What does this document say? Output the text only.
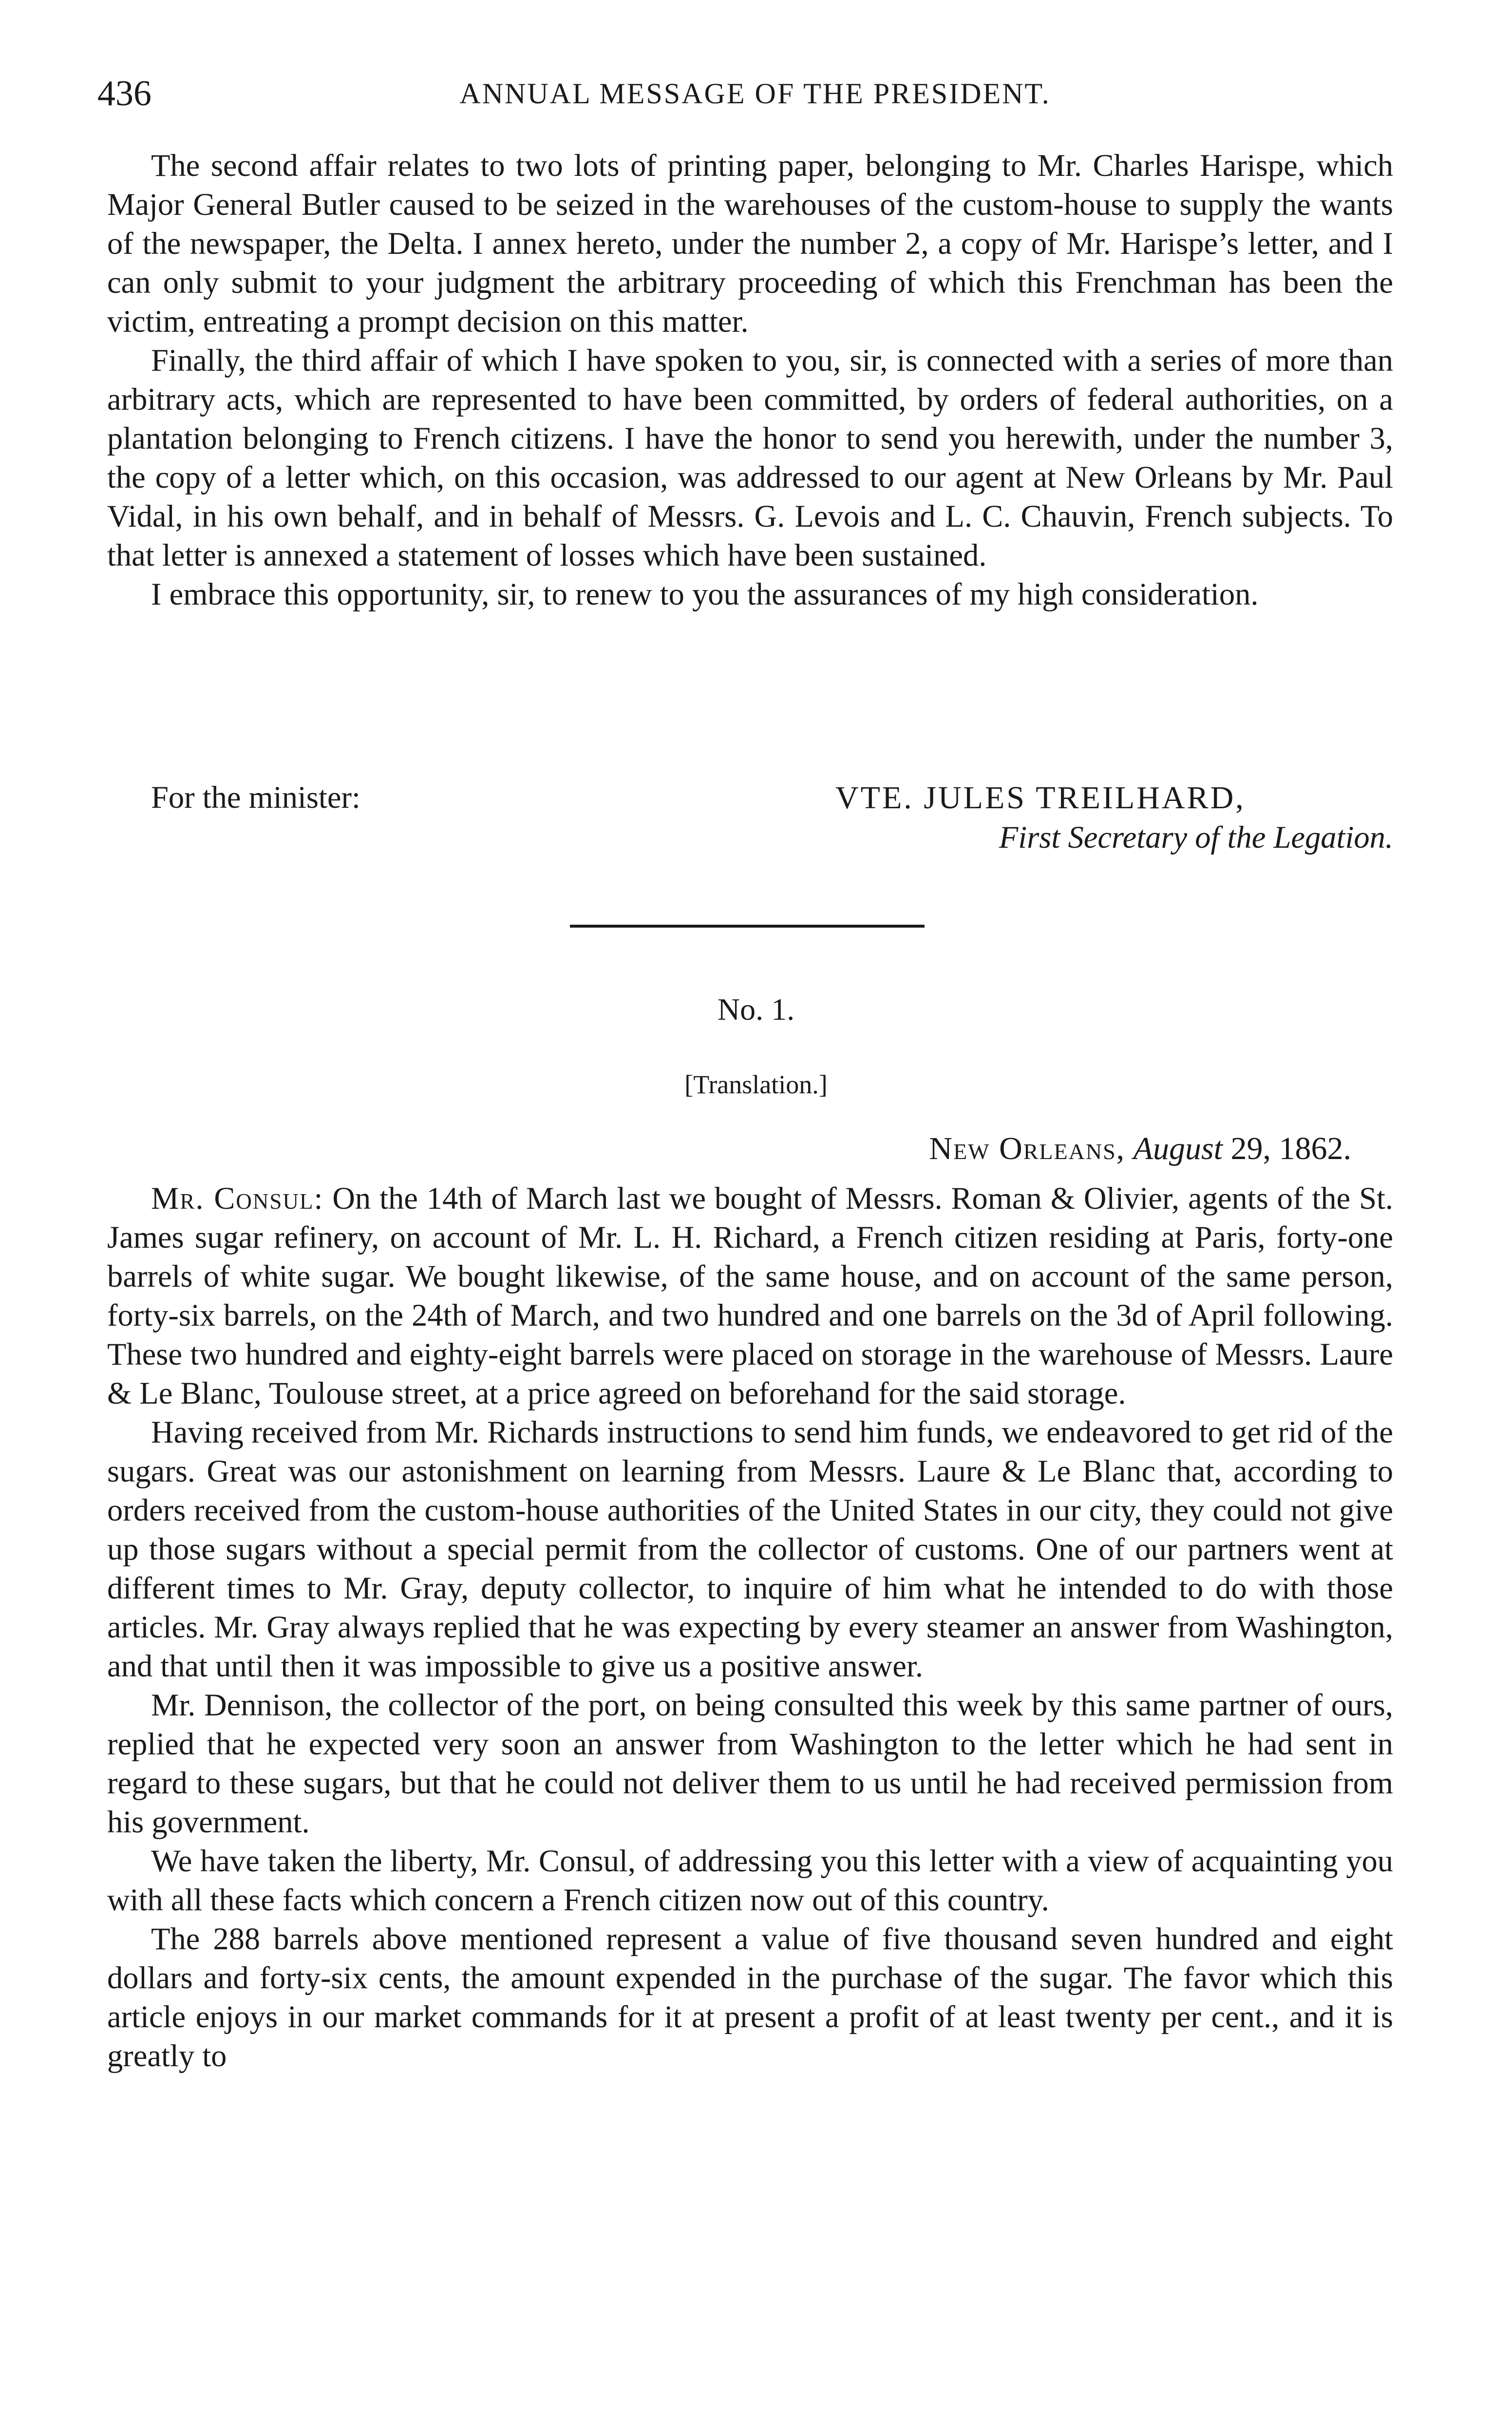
436	ANNUAL MESSAGE OF THE PRESIDENT.

The second affair relates to two lots of printing paper, belonging to Mr. Charles Harispe, which Major General Butler caused to be seized in the warehouses of the custom-house to supply the wants of the newspaper, the Delta. I annex hereto, under the number 2, a copy of Mr. Harispe’s letter, and I can only submit to your judgment the arbitrary proceeding of which this Frenchman has been the victim, entreating a prompt decision on this matter.

Finally, the third affair of which I have spoken to you, sir, is connected with a series of more than arbitrary acts, which are represented to have been committed, by orders of federal authorities, on a plantation belonging to French citizens. I have the honor to send you herewith, under the number 3, the copy of a letter which, on this occasion, was addressed to our agent at New Orleans by Mr. Paul Vidal, in his own behalf, and in behalf of Messrs. G. Levois and L. C. Chauvin, French subjects. To that letter is annexed a statement of losses which have been sustained.

I embrace this opportunity, sir, to renew to you the assurances of my high consideration.

For the minister:	VTE. JULES TREILHARD,
First Secretary of the Legation.
No. 1.
[Translation.]
New Orleans, August 29, 1862.

Mr. Consul: On the 14th of March last we bought of Messrs. Roman & Olivier, agents of the St. James sugar refinery, on account of Mr. L. H. Richard, a French citizen residing at Paris, forty-one barrels of white sugar. We bought likewise, of the same house, and on account of the same person, forty-six barrels, on the 24th of March, and two hundred and one barrels on the 3d of April following. These two hundred and eighty-eight barrels were placed on storage in the warehouse of Messrs. Laure & Le Blanc, Toulouse street, at a price agreed on beforehand for the said storage.

Having received from Mr. Richards instructions to send him funds, we endeavored to get rid of the sugars. Great was our astonishment on learning from Messrs. Laure & Le Blanc that, according to orders received from the custom-house authorities of the United States in our city, they could not give up those sugars without a special permit from the collector of customs. One of our partners went at different times to Mr. Gray, deputy collector, to inquire of him what he intended to do with those articles. Mr. Gray always replied that he was expecting by every steamer an answer from Washington, and that until then it was impossible to give us a positive answer.

Mr. Dennison, the collector of the port, on being consulted this week by this same partner of ours, replied that he expected very soon an answer from Washington to the letter which he had sent in regard to these sugars, but that he could not deliver them to us until he had received permission from his government.

We have taken the liberty, Mr. Consul, of addressing you this letter with a view of acquainting you with all these facts which concern a French citizen now out of this country.

The 288 barrels above mentioned represent a value of five thousand seven hundred and eight dollars and forty-six cents, the amount expended in the purchase of the sugar. The favor which this article enjoys in our market commands for it at present a profit of at least twenty per cent., and it is greatly to
